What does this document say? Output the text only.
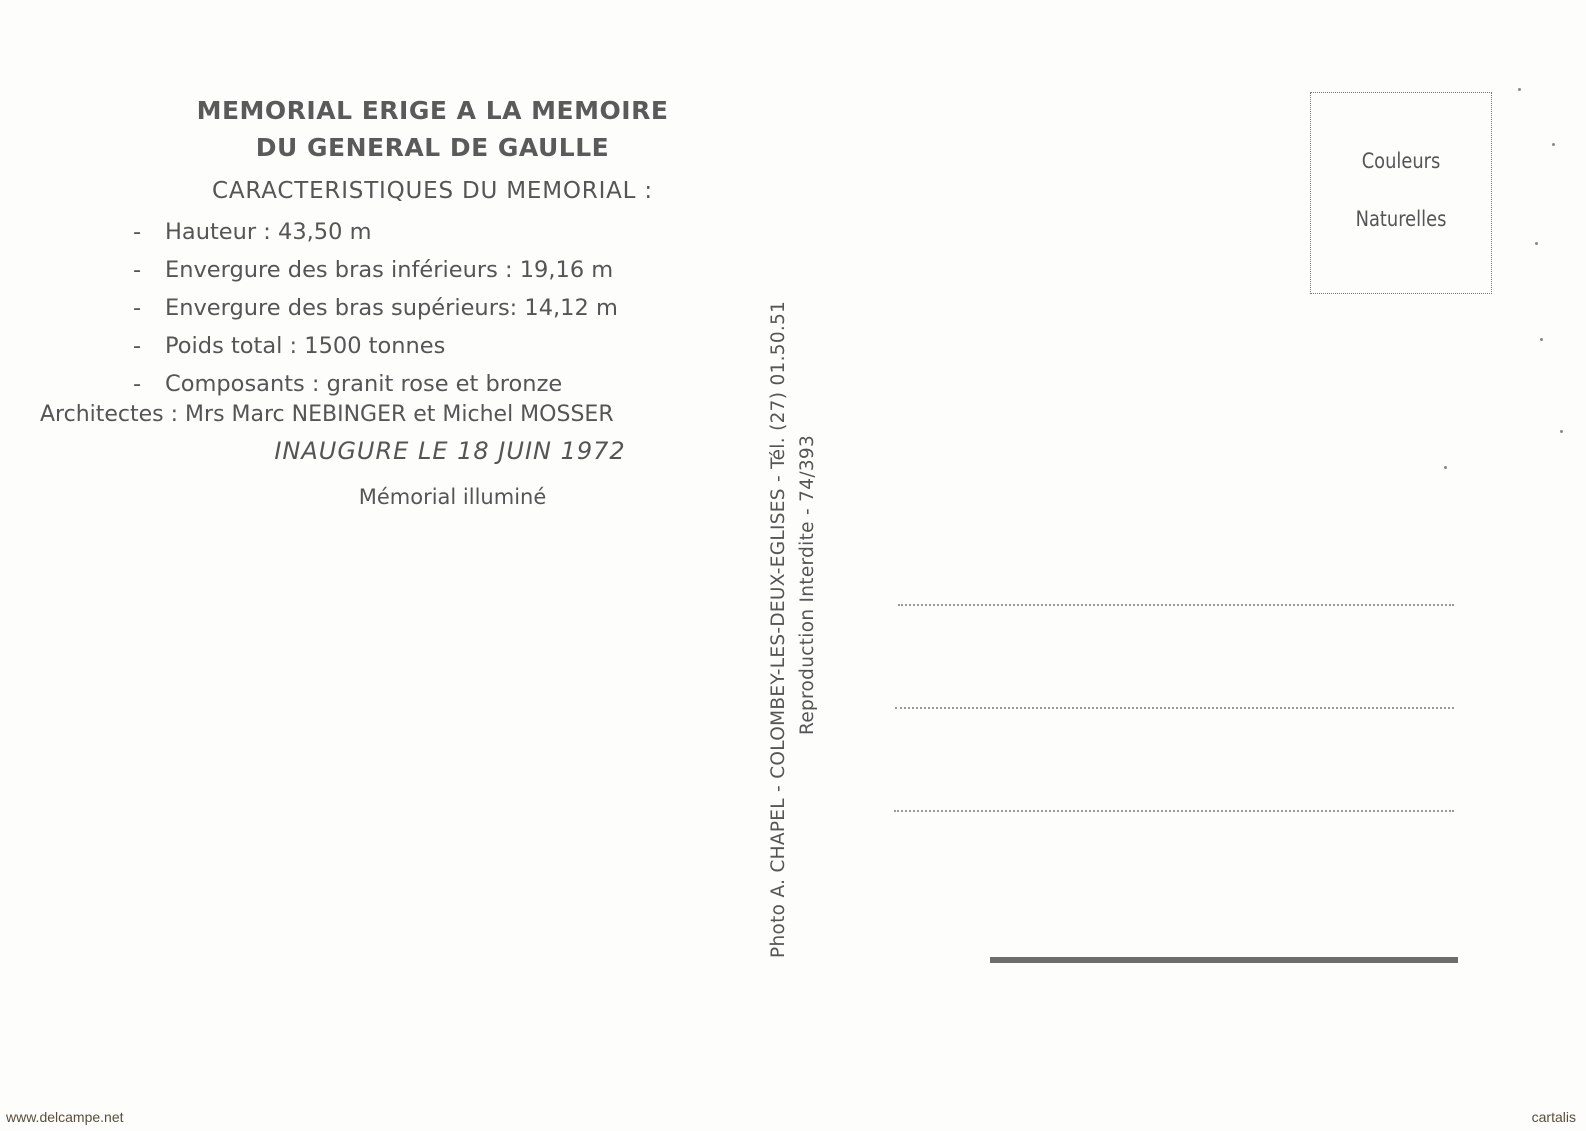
MEMORIAL ERIGE A LA MEMOIRE
DU GENERAL DE GAULLE
CARACTERISTIQUES DU MEMORIAL :
- Hauteur : 43,50 m
- Envergure des bras inférieurs : 19,16 m
- Envergure des bras supérieurs: 14,12 m
- Poids total : 1500 tonnes
- Composants : granit rose et bronze
Architectes : Mrs Marc NEBINGER et Michel MOSSER
INAUGURE LE 18 JUIN 1972
Mémorial illuminé	Photo A. CHAPEL - COLOMBEY-LES-DEUX-EGLISES - Tél. (27) 01.50.51 Reproduction Interdite - 74/393
Couleurs
Naturelles
www.delcampe.net	cartalis
